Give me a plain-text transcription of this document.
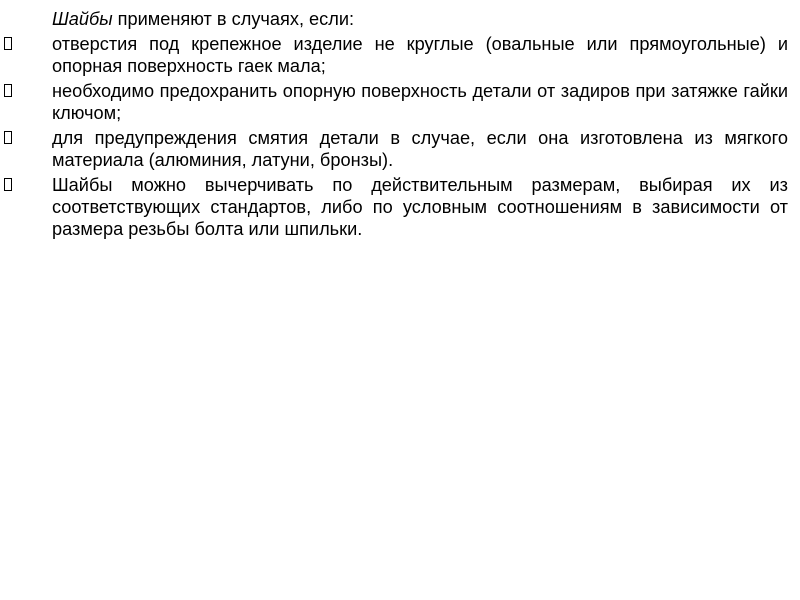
Шайбы применяют в случаях, если:

отверстия под крепежное изделие не круглые (овальные или прямоугольные) и опорная поверхность гаек мала;
необходимо предохранить опорную поверхность детали от задиров при затяжке гайки ключом;
для предупреждения смятия детали в случае, если она изготовлена из мягкого материала (алюминия, латуни, бронзы).
Шайбы можно вычерчивать по действительным размерам, выбирая их из соответствующих стандартов, либо по условным соотношениям в зависимости от размера резьбы болта или шпильки.
